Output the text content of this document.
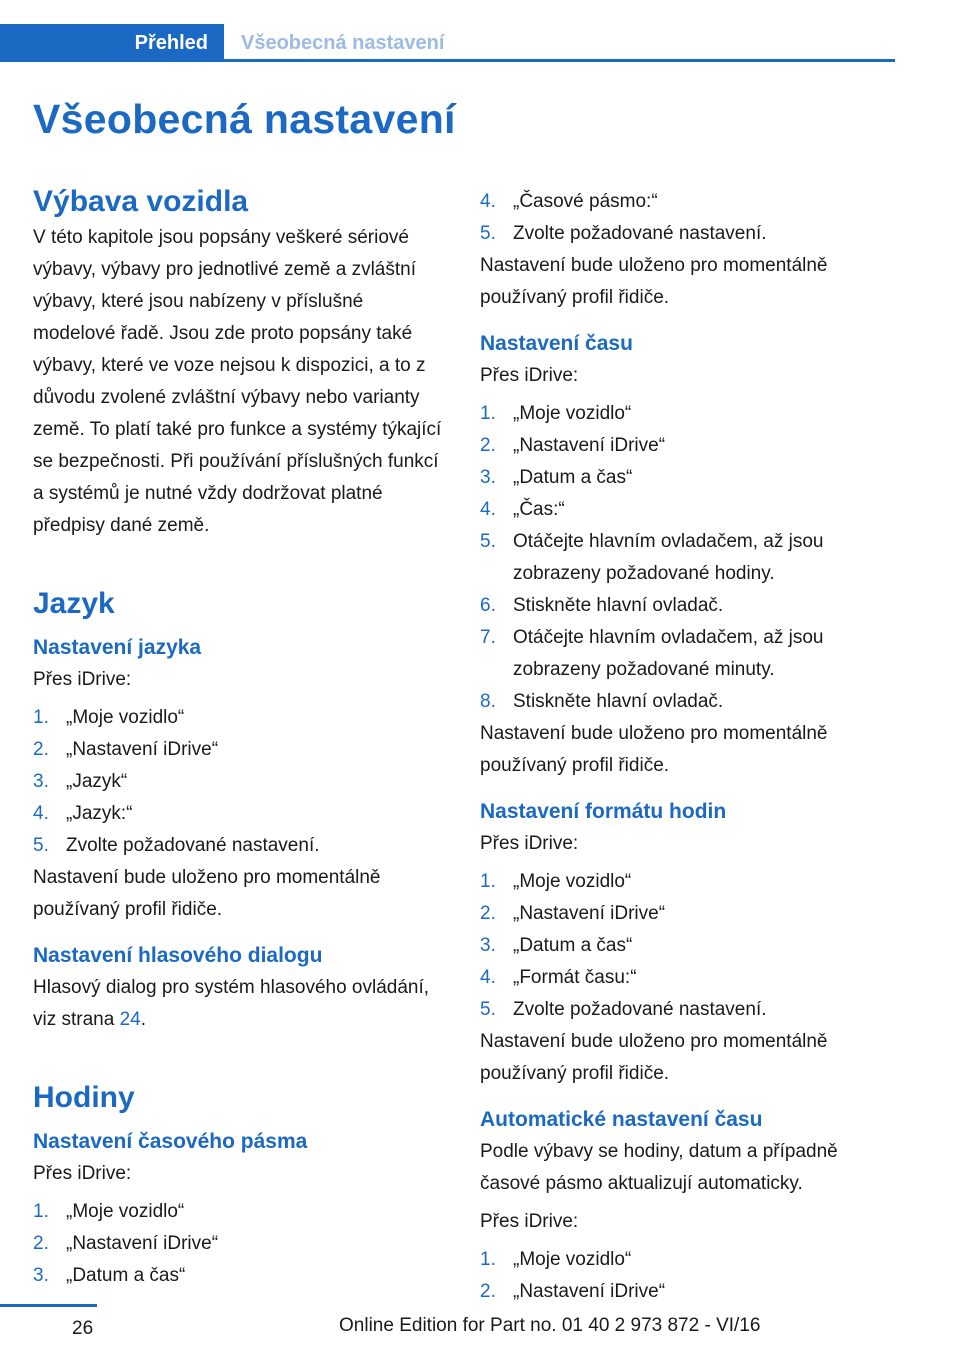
Přehled	Všeobecná nastavení
Všeobecná nastavení
Výbava vozidla

V této kapitole jsou popsány veškeré sériové výbavy, výbavy pro jednotlivé země a zvláštní výbavy, které jsou nabízeny v příslušné modelové řadě. Jsou zde proto popsány také výbavy, které ve voze nejsou k dispozici, a to z důvodu zvolené zvláštní výbavy nebo varianty země. To platí také pro funkce a systémy týkající se bezpečnosti. Při používání příslušných funkcí a systémů je nutné vždy dodržovat platné předpisy dané země.

Jazyk
Nastavení jazyka

Přes iDrive:

1. „Moje vozidlo“
2. „Nastavení iDrive“
3. „Jazyk“
4. „Jazyk:“
5. Zvolte požadované nastavení.

Nastavení bude uloženo pro momentálně používaný profil řidiče.

Nastavení hlasového dialogu

Hlasový dialog pro systém hlasového ovládání, viz strana 24.

Hodiny
Nastavení časového pásma

Přes iDrive:

1. „Moje vozidlo“
2. „Nastavení iDrive“
3. „Datum a čas“
4. „Časové pásmo:“
5. Zvolte požadované nastavení.

Nastavení bude uloženo pro momentálně používaný profil řidiče.

Nastavení času

Přes iDrive:

1. „Moje vozidlo“
2. „Nastavení iDrive“
3. „Datum a čas“
4. „Čas:“
5. Otáčejte hlavním ovladačem, až jsou zobrazeny požadované hodiny.
6. Stiskněte hlavní ovladač.
7. Otáčejte hlavním ovladačem, až jsou zobrazeny požadované minuty.
8. Stiskněte hlavní ovladač.

Nastavení bude uloženo pro momentálně používaný profil řidiče.

Nastavení formátu hodin

Přes iDrive:

1. „Moje vozidlo“
2. „Nastavení iDrive“
3. „Datum a čas“
4. „Formát času:“
5. Zvolte požadované nastavení.

Nastavení bude uloženo pro momentálně používaný profil řidiče.

Automatické nastavení času

Podle výbavy se hodiny, datum a případně časové pásmo aktualizují automaticky.

Přes iDrive:

1. „Moje vozidlo“
2. „Nastavení iDrive“
26	Online Edition for Part no. 01 40 2 973 872 - VI/16
